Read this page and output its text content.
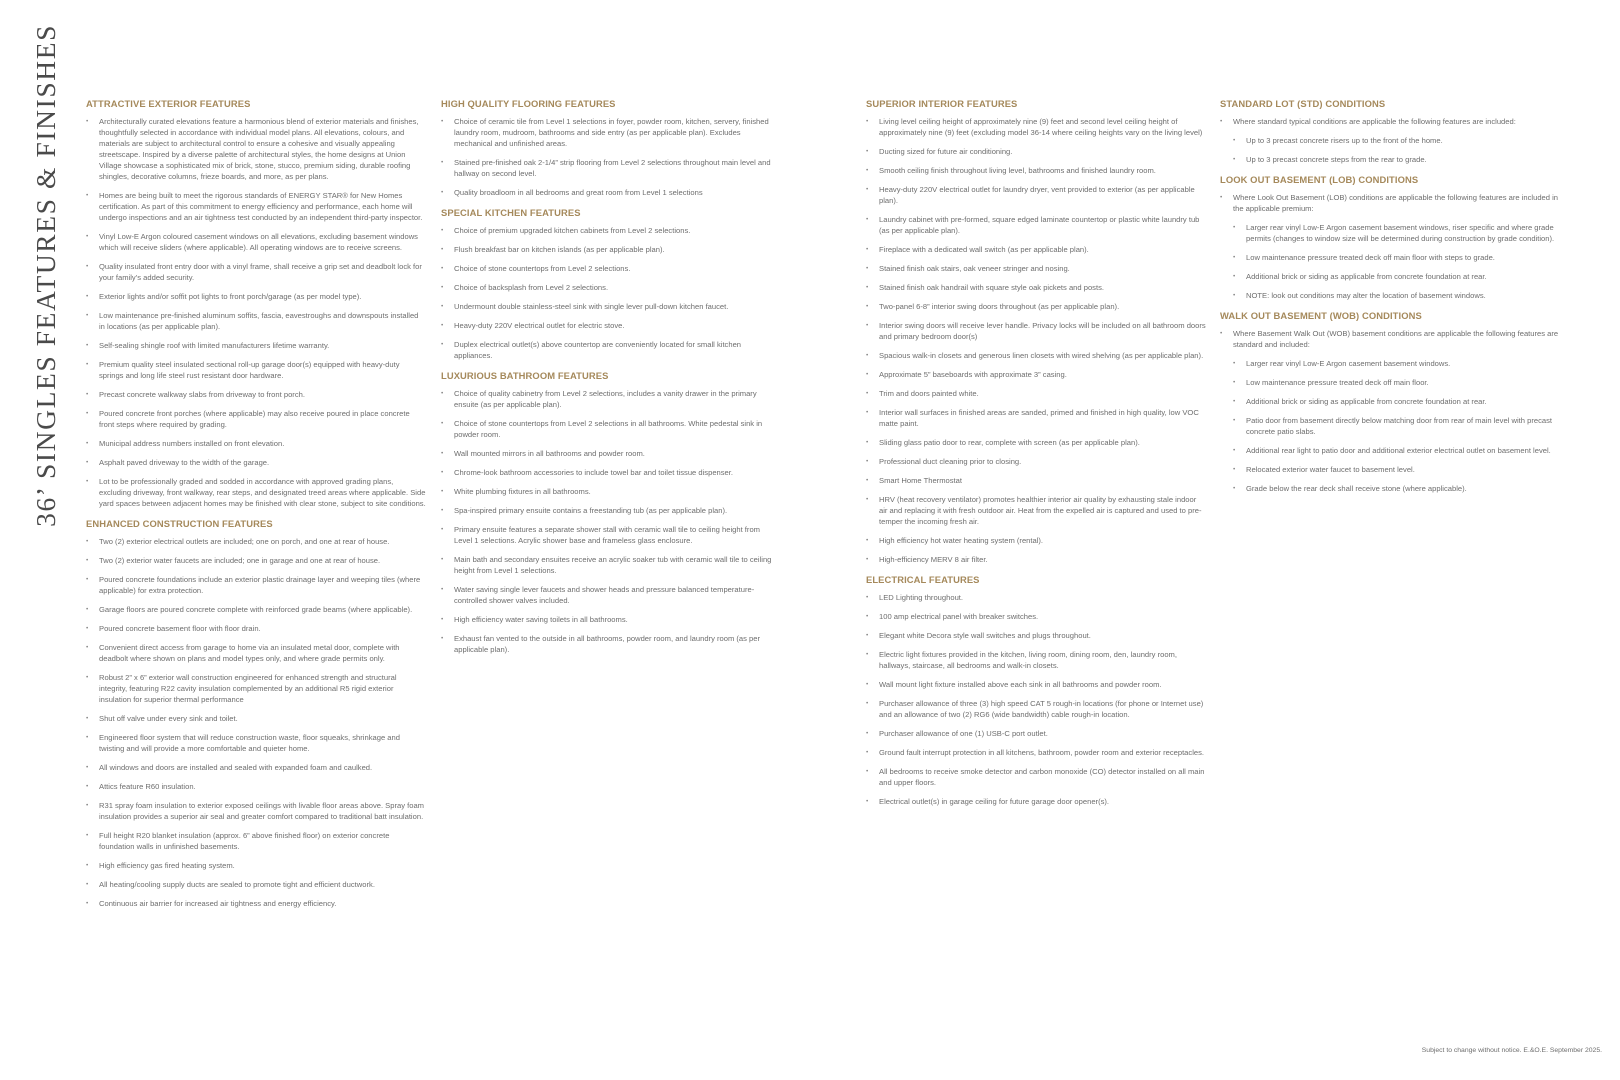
36’ SINGLES FEATURES & FINISHES	ATTRACTIVE EXTERIOR FEATURES
• Architecturally curated elevations feature a harmonious blend of exterior materials and finishes, thoughtfully selected in accordance with individual model plans. All elevations, colours, and materials are subject to architectural control to ensure a cohesive and visually appealing streetscape. Inspired by a diverse palette of architectural styles, the home designs at Union Village showcase a sophisticated mix of brick, stone, stucco, premium siding, durable roofing shingles, decorative columns, frieze boards, and more, as per plans.
• Homes are being built to meet the rigorous standards of ENERGY STAR® for New Homes certification. As part of this commitment to energy efficiency and performance, each home will undergo inspections and an air tightness test conducted by an independent third-party inspector.
• Vinyl Low-E Argon coloured casement windows on all elevations, excluding basement windows which will receive sliders (where applicable). All operating windows are to receive screens.
• Quality insulated front entry door with a vinyl frame, shall receive a grip set and deadbolt lock for your family’s added security.
• Exterior lights and/or soffit pot lights to front porch/garage (as per model type).
• Low maintenance pre-finished aluminum soffits, fascia, eavestroughs and downspouts installed in locations (as per applicable plan).
• Self-sealing shingle roof with limited manufacturers lifetime warranty.
• Premium quality steel insulated sectional roll-up garage door(s) equipped with heavy-duty springs and long life steel rust resistant door hardware.
• Precast concrete walkway slabs from driveway to front porch.
• Poured concrete front porches (where applicable) may also receive poured in place concrete front steps where required by grading.
• Municipal address numbers installed on front elevation.
• Asphalt paved driveway to the width of the garage.
• Lot to be professionally graded and sodded in accordance with approved grading plans, excluding driveway, front walkway, rear steps, and designated treed areas where applicable. Side yard spaces between adjacent homes may be finished with clear stone, subject to site conditions.
ENHANCED CONSTRUCTION FEATURES
• Two (2) exterior electrical outlets are included; one on porch, and one at rear of house.
• Two (2) exterior water faucets are included; one in garage and one at rear of house.
• Poured concrete foundations include an exterior plastic drainage layer and weeping tiles (where applicable) for extra protection.
• Garage floors are poured concrete complete with reinforced grade beams (where applicable).
• Poured concrete basement floor with floor drain.
• Convenient direct access from garage to home via an insulated metal door, complete with deadbolt where shown on plans and model types only, and where grade permits only.
• Robust 2” x 6” exterior wall construction engineered for enhanced strength and structural integrity, featuring R22 cavity insulation complemented by an additional R5 rigid exterior insulation for superior thermal performance
• Shut off valve under every sink and toilet.
• Engineered floor system that will reduce construction waste, floor squeaks, shrinkage and twisting and will provide a more comfortable and quieter home.
• All windows and doors are installed and sealed with expanded foam and caulked.
• Attics feature R60 insulation.
• R31 spray foam insulation to exterior exposed ceilings with livable floor areas above. Spray foam insulation provides a superior air seal and greater comfort compared to traditional batt insulation.
• Full height R20 blanket insulation (approx. 6” above finished floor) on exterior concrete foundation walls in unfinished basements.
• High efficiency gas fired heating system.
• All heating/cooling supply ducts are sealed to promote tight and efficient ductwork.
• Continuous air barrier for increased air tightness and energy efficiency.
HIGH QUALITY FLOORING FEATURES
• Choice of ceramic tile from Level 1 selections in foyer, powder room, kitchen, servery, finished laundry room, mudroom, bathrooms and side entry (as per applicable plan). Excludes mechanical and unfinished areas.
• Stained pre-finished oak 2-1/4” strip flooring from Level 2 selections throughout main level and hallway on second level.
• Quality broadloom in all bedrooms and great room from Level 1 selections
SPECIAL KITCHEN FEATURES
• Choice of premium upgraded kitchen cabinets from Level 2 selections.
• Flush breakfast bar on kitchen islands (as per applicable plan).
• Choice of stone countertops from Level 2 selections.
• Choice of backsplash from Level 2 selections.
• Undermount double stainless-steel sink with single lever pull-down kitchen faucet.
• Heavy-duty 220V electrical outlet for electric stove.
• Duplex electrical outlet(s) above countertop are conveniently located for small kitchen appliances.
LUXURIOUS BATHROOM FEATURES
• Choice of quality cabinetry from Level 2 selections, includes a vanity drawer in the primary ensuite (as per applicable plan).
• Choice of stone countertops from Level 2 selections in all bathrooms. White pedestal sink in powder room.
• Wall mounted mirrors in all bathrooms and powder room.
• Chrome-look bathroom accessories to include towel bar and toilet tissue dispenser.
• White plumbing fixtures in all bathrooms.
• Spa-inspired primary ensuite contains a freestanding tub (as per applicable plan).
• Primary ensuite features a separate shower stall with ceramic wall tile to ceiling height from Level 1 selections. Acrylic shower base and frameless glass enclosure.
• Main bath and secondary ensuites receive an acrylic soaker tub with ceramic wall tile to ceiling height from Level 1 selections.
• Water saving single lever faucets and shower heads and pressure balanced temperature-controlled shower valves included.
• High efficiency water saving toilets in all bathrooms.
• Exhaust fan vented to the outside in all bathrooms, powder room, and laundry room (as per applicable plan).
SUPERIOR INTERIOR FEATURES
• Living level ceiling height of approximately nine (9) feet and second level ceiling height of approximately nine (9) feet (excluding model 36-14 where ceiling heights vary on the living level)
• Ducting sized for future air conditioning.
• Smooth ceiling finish throughout living level, bathrooms and finished laundry room.
• Heavy-duty 220V electrical outlet for laundry dryer, vent provided to exterior (as per applicable plan).
• Laundry cabinet with pre-formed, square edged laminate countertop or plastic white laundry tub (as per applicable plan).
• Fireplace with a dedicated wall switch (as per applicable plan).
• Stained finish oak stairs, oak veneer stringer and nosing.
• Stained finish oak handrail with square style oak pickets and posts.
• Two-panel 6-8” interior swing doors throughout (as per applicable plan).
• Interior swing doors will receive lever handle. Privacy locks will be included on all bathroom doors and primary bedroom door(s)
• Spacious walk-in closets and generous linen closets with wired shelving (as per applicable plan).
• Approximate 5” baseboards with approximate 3” casing.
• Trim and doors painted white.
• Interior wall surfaces in finished areas are sanded, primed and finished in high quality, low VOC matte paint.
• Sliding glass patio door to rear, complete with screen (as per applicable plan).
• Professional duct cleaning prior to closing.
• Smart Home Thermostat
• HRV (heat recovery ventilator) promotes healthier interior air quality by exhausting stale indoor air and replacing it with fresh outdoor air. Heat from the expelled air is captured and used to pre-temper the incoming fresh air.
• High efficiency hot water heating system (rental).
• High-efficiency MERV 8 air filter.
ELECTRICAL FEATURES
• LED Lighting throughout.
• 100 amp electrical panel with breaker switches.
• Elegant white Decora style wall switches and plugs throughout.
• Electric light fixtures provided in the kitchen, living room, dining room, den, laundry room, hallways, staircase, all bedrooms and walk-in closets.
• Wall mount light fixture installed above each sink in all bathrooms and powder room.
• Purchaser allowance of three (3) high speed CAT 5 rough-in locations (for phone or Internet use) and an allowance of two (2) RG6 (wide bandwidth) cable rough-in location.
• Purchaser allowance of one (1) USB-C port outlet.
• Ground fault interrupt protection in all kitchens, bathroom, powder room and exterior receptacles.
• All bedrooms to receive smoke detector and carbon monoxide (CO) detector installed on all main and upper floors.
• Electrical outlet(s) in garage ceiling for future garage door opener(s).
STANDARD LOT (STD) CONDITIONS
• Where standard typical conditions are applicable the following features are included:
• Up to 3 precast concrete risers up to the front of the home.
• Up to 3 precast concrete steps from the rear to grade.
LOOK OUT BASEMENT (LOB) CONDITIONS
• Where Look Out Basement (LOB) conditions are applicable the following features are included in the applicable premium:
• Larger rear vinyl Low-E Argon casement basement windows, riser specific and where grade permits (changes to window size will be determined during construction by grade condition).
• Low maintenance pressure treated deck off main floor with steps to grade.
• Additional brick or siding as applicable from concrete foundation at rear.
• NOTE: look out conditions may alter the location of basement windows.
WALK OUT BASEMENT (WOB) CONDITIONS
• Where Basement Walk Out (WOB) basement conditions are applicable the following features are standard and included:
• Larger rear vinyl Low-E Argon casement basement windows.
• Low maintenance pressure treated deck off main floor.
• Additional brick or siding as applicable from concrete foundation at rear.
• Patio door from basement directly below matching door from rear of main level with precast concrete patio slabs.
• Additional rear light to patio door and additional exterior electrical outlet on basement level.
• Relocated exterior water faucet to basement level.
• Grade below the rear deck shall receive stone (where applicable).
Subject to change without notice. E.&O.E. September 2025.
